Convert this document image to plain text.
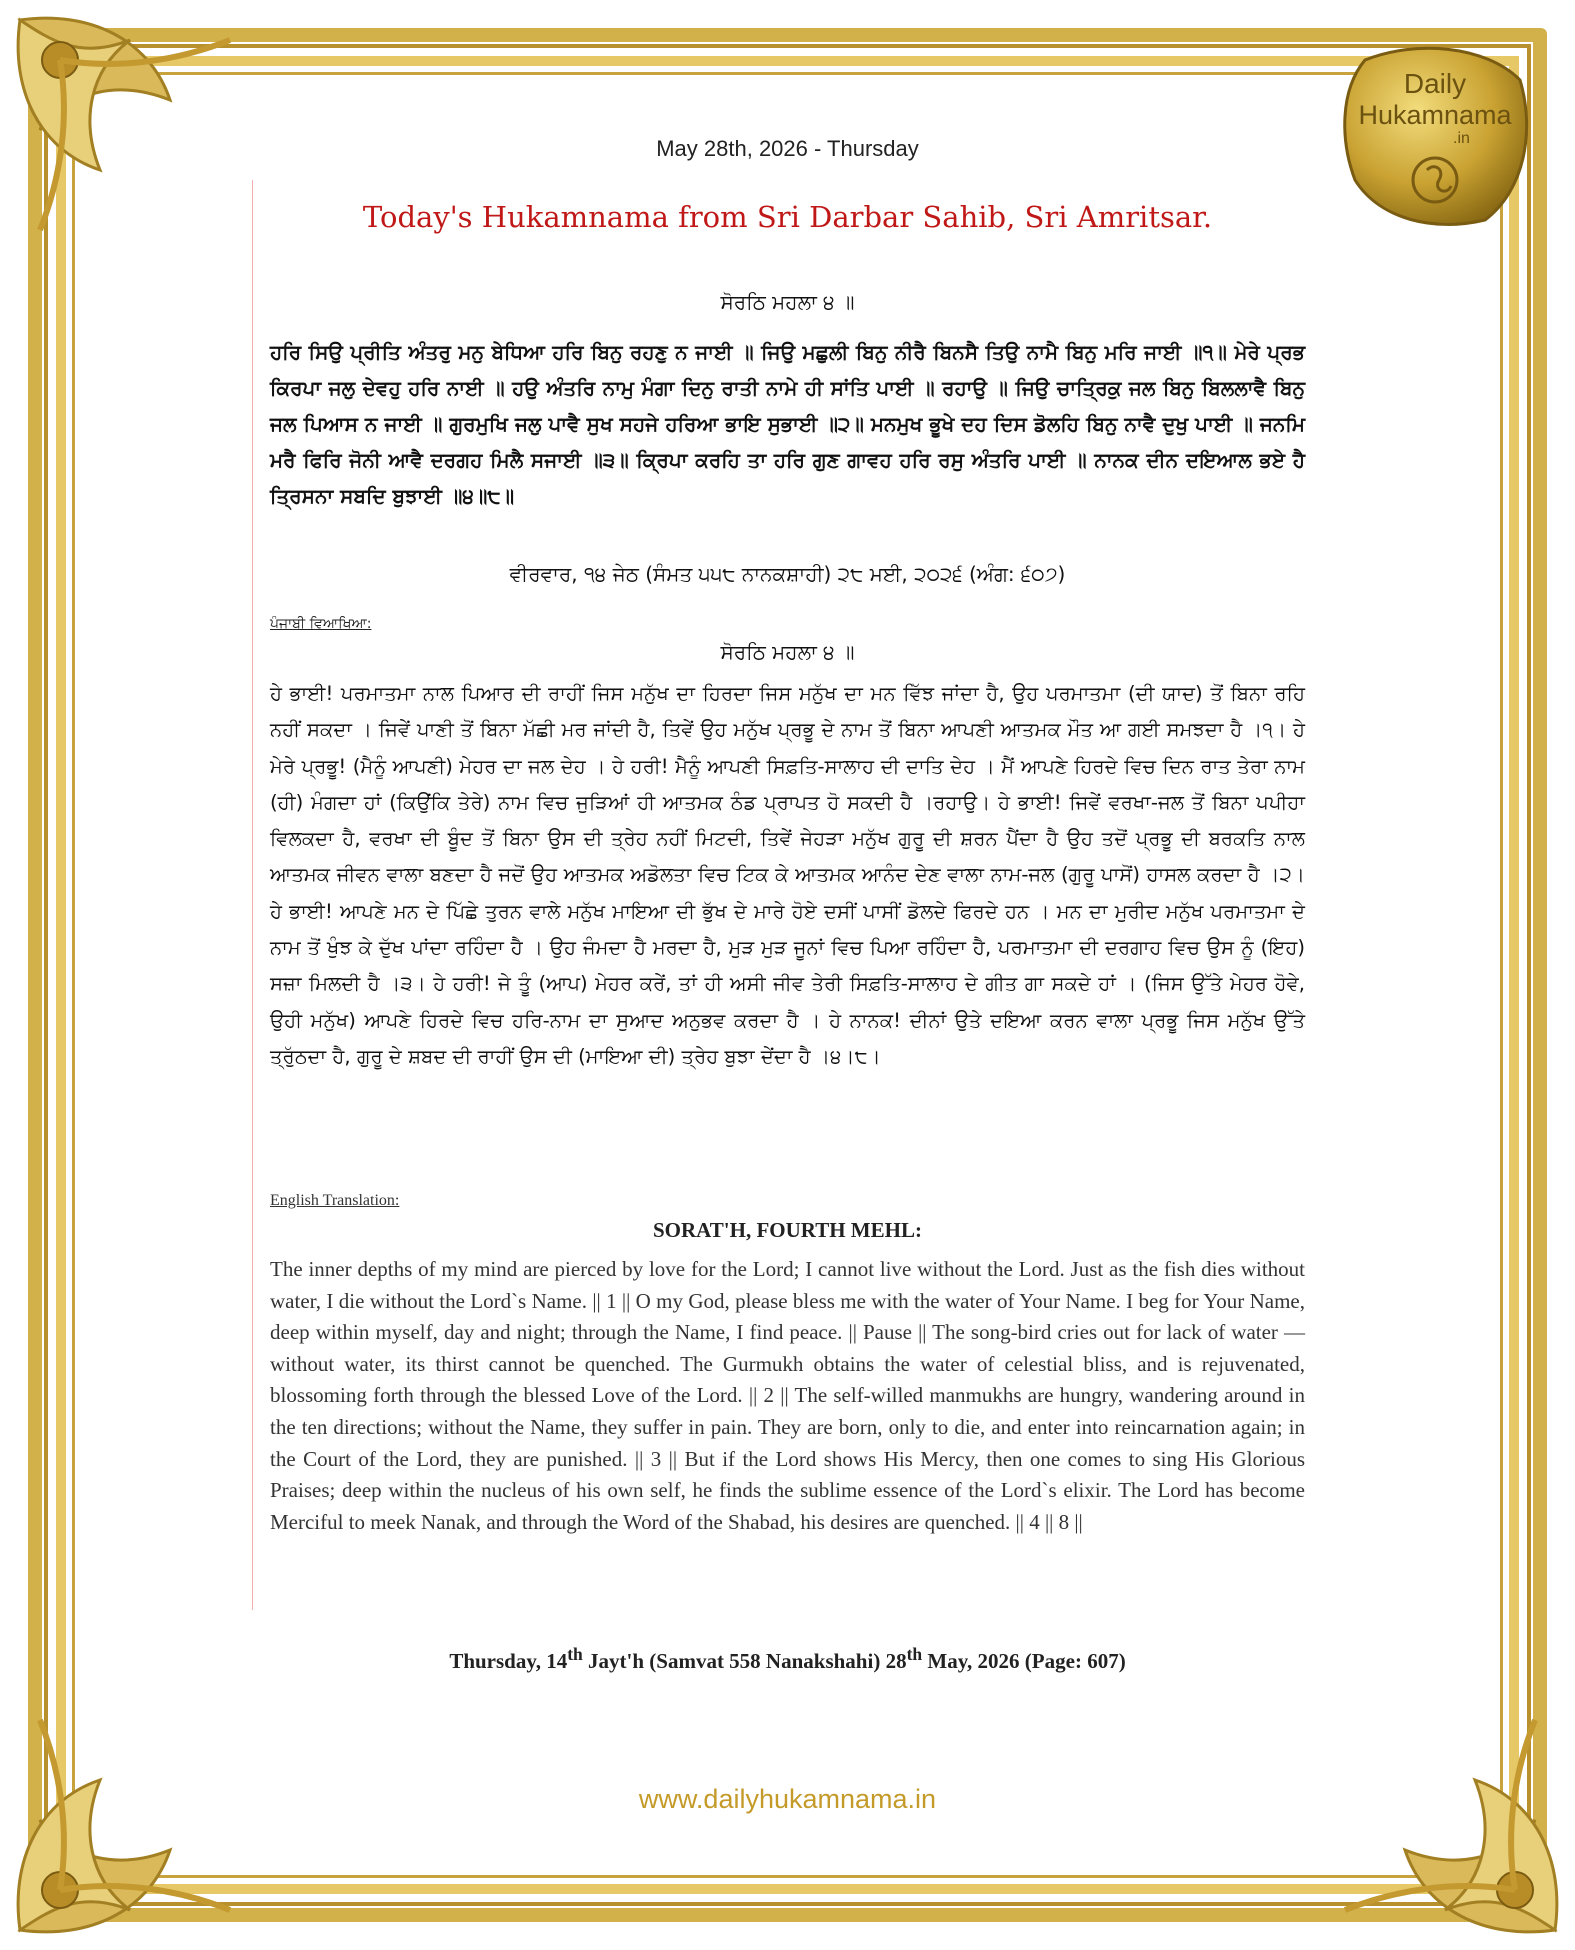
Daily
Hukamnama
.in
May 28th, 2026 - Thursday
Today's Hukamnama from Sri Darbar Sahib, Sri Amritsar.
ਸੋਰਠਿ ਮਹਲਾ ੪ ॥
ਹਰਿ ਸਿਉ ਪ੍ਰੀਤਿ ਅੰਤਰੁ ਮਨੁ ਬੇਧਿਆ ਹਰਿ ਬਿਨੁ ਰਹਣੁ ਨ ਜਾਈ ॥ ਜਿਉ ਮਛੁਲੀ ਬਿਨੁ ਨੀਰੈ ਬਿਨਸੈ ਤਿਉ ਨਾਮੈ ਬਿਨੁ ਮਰਿ ਜਾਈ ॥੧॥ ਮੇਰੇ ਪ੍ਰਭ ਕਿਰਪਾ ਜਲੁ ਦੇਵਹੁ ਹਰਿ ਨਾਈ ॥ ਹਉ ਅੰਤਰਿ ਨਾਮੁ ਮੰਗਾ ਦਿਨੁ ਰਾਤੀ ਨਾਮੇ ਹੀ ਸਾਂਤਿ ਪਾਈ ॥ ਰਹਾਉ ॥ ਜਿਉ ਚਾਤ੍ਰਿਕੁ ਜਲ ਬਿਨੁ ਬਿਲਲਾਵੈ ਬਿਨੁ ਜਲ ਪਿਆਸ ਨ ਜਾਈ ॥ ਗੁਰਮੁਖਿ ਜਲੁ ਪਾਵੈ ਸੁਖ ਸਹਜੇ ਹਰਿਆ ਭਾਇ ਸੁਭਾਈ ॥੨॥ ਮਨਮੁਖ ਭੂਖੇ ਦਹ ਦਿਸ ਡੋਲਹਿ ਬਿਨੁ ਨਾਵੈ ਦੁਖੁ ਪਾਈ ॥ ਜਨਮਿ ਮਰੈ ਫਿਰਿ ਜੋਨੀ ਆਵੈ ਦਰਗਹ ਮਿਲੈ ਸਜਾਈ ॥੩॥ ਕ੍ਰਿਪਾ ਕਰਹਿ ਤਾ ਹਰਿ ਗੁਣ ਗਾਵਹ ਹਰਿ ਰਸੁ ਅੰਤਰਿ ਪਾਈ ॥ ਨਾਨਕ ਦੀਨ ਦਇਆਲ ਭਏ ਹੈ ਤ੍ਰਿਸਨਾ ਸਬਦਿ ਬੁਝਾਈ ॥੪॥੮॥
ਵੀਰਵਾਰ, ੧੪ ਜੇਠ (ਸੰਮਤ ੫੫੮ ਨਾਨਕਸ਼ਾਹੀ) ੨੮ ਮਈ, ੨੦੨੬ (ਅੰਗ: ੬੦੭)
ਪੰਜਾਬੀ ਵਿਆਖਿਆ:
ਸੋਰਠਿ ਮਹਲਾ ੪ ॥
ਹੇ ਭਾਈ! ਪਰਮਾਤਮਾ ਨਾਲ ਪਿਆਰ ਦੀ ਰਾਹੀਂ ਜਿਸ ਮਨੁੱਖ ਦਾ ਹਿਰਦਾ ਜਿਸ ਮਨੁੱਖ ਦਾ ਮਨ ਵਿੱਝ ਜਾਂਦਾ ਹੈ, ਉਹ ਪਰਮਾਤਮਾ (ਦੀ ਯਾਦ) ਤੋਂ ਬਿਨਾ ਰਹਿ ਨਹੀਂ ਸਕਦਾ । ਜਿਵੇਂ ਪਾਣੀ ਤੋਂ ਬਿਨਾ ਮੱਛੀ ਮਰ ਜਾਂਦੀ ਹੈ, ਤਿਵੇਂ ਉਹ ਮਨੁੱਖ ਪ੍ਰਭੂ ਦੇ ਨਾਮ ਤੋਂ ਬਿਨਾ ਆਪਣੀ ਆਤਮਕ ਮੌਤ ਆ ਗਈ ਸਮਝਦਾ ਹੈ ।੧। ਹੇ ਮੇਰੇ ਪ੍ਰਭੂ! (ਮੈਨੂੰ ਆਪਣੀ) ਮੇਹਰ ਦਾ ਜਲ ਦੇਹ । ਹੇ ਹਰੀ! ਮੈਨੂੰ ਆਪਣੀ ਸਿਫ਼ਤਿ-ਸਾਲਾਹ ਦੀ ਦਾਤਿ ਦੇਹ । ਮੈਂ ਆਪਣੇ ਹਿਰਦੇ ਵਿਚ ਦਿਨ ਰਾਤ ਤੇਰਾ ਨਾਮ (ਹੀ) ਮੰਗਦਾ ਹਾਂ (ਕਿਉਂਕਿ ਤੇਰੇ) ਨਾਮ ਵਿਚ ਜੁੜਿਆਂ ਹੀ ਆਤਮਕ ਠੰਡ ਪ੍ਰਾਪਤ ਹੋ ਸਕਦੀ ਹੈ ।ਰਹਾਉ। ਹੇ ਭਾਈ! ਜਿਵੇਂ ਵਰਖਾ-ਜਲ ਤੋਂ ਬਿਨਾ ਪਪੀਹਾ ਵਿਲਕਦਾ ਹੈ, ਵਰਖਾ ਦੀ ਬੂੰਦ ਤੋਂ ਬਿਨਾ ਉਸ ਦੀ ਤ੍ਰੇਹ ਨਹੀਂ ਮਿਟਦੀ, ਤਿਵੇਂ ਜੇਹੜਾ ਮਨੁੱਖ ਗੁਰੂ ਦੀ ਸ਼ਰਨ ਪੈਂਦਾ ਹੈ ਉਹ ਤਦੋਂ ਪ੍ਰਭੂ ਦੀ ਬਰਕਤਿ ਨਾਲ ਆਤਮਕ ਜੀਵਨ ਵਾਲਾ ਬਣਦਾ ਹੈ ਜਦੋਂ ਉਹ ਆਤਮਕ ਅਡੋਲਤਾ ਵਿਚ ਟਿਕ ਕੇ ਆਤਮਕ ਆਨੰਦ ਦੇਣ ਵਾਲਾ ਨਾਮ-ਜਲ (ਗੁਰੂ ਪਾਸੋਂ) ਹਾਸਲ ਕਰਦਾ ਹੈ ।੨। ਹੇ ਭਾਈ! ਆਪਣੇ ਮਨ ਦੇ ਪਿੱਛੇ ਤੁਰਨ ਵਾਲੇ ਮਨੁੱਖ ਮਾਇਆ ਦੀ ਭੁੱਖ ਦੇ ਮਾਰੇ ਹੋਏ ਦਸੀਂ ਪਾਸੀਂ ਡੋਲਦੇ ਫਿਰਦੇ ਹਨ । ਮਨ ਦਾ ਮੁਰੀਦ ਮਨੁੱਖ ਪਰਮਾਤਮਾ ਦੇ ਨਾਮ ਤੋਂ ਖੁੰਝ ਕੇ ਦੁੱਖ ਪਾਂਦਾ ਰਹਿੰਦਾ ਹੈ । ਉਹ ਜੰਮਦਾ ਹੈ ਮਰਦਾ ਹੈ, ਮੁੜ ਮੁੜ ਜੂਨਾਂ ਵਿਚ ਪਿਆ ਰਹਿੰਦਾ ਹੈ, ਪਰਮਾਤਮਾ ਦੀ ਦਰਗਾਹ ਵਿਚ ਉਸ ਨੂੰ (ਇਹ) ਸਜ਼ਾ ਮਿਲਦੀ ਹੈ ।੩। ਹੇ ਹਰੀ! ਜੇ ਤੂੰ (ਆਪ) ਮੇਹਰ ਕਰੇਂ, ਤਾਂ ਹੀ ਅਸੀ ਜੀਵ ਤੇਰੀ ਸਿਫ਼ਤਿ-ਸਾਲਾਹ ਦੇ ਗੀਤ ਗਾ ਸਕਦੇ ਹਾਂ । (ਜਿਸ ਉੱਤੇ ਮੇਹਰ ਹੋਵੇ, ਉਹੀ ਮਨੁੱਖ) ਆਪਣੇ ਹਿਰਦੇ ਵਿਚ ਹਰਿ-ਨਾਮ ਦਾ ਸੁਆਦ ਅਨੁਭਵ ਕਰਦਾ ਹੈ । ਹੇ ਨਾਨਕ! ਦੀਨਾਂ ਉਤੇ ਦਇਆ ਕਰਨ ਵਾਲਾ ਪ੍ਰਭੂ ਜਿਸ ਮਨੁੱਖ ਉੱਤੇ ਤ੍ਰੁੱਠਦਾ ਹੈ, ਗੁਰੂ ਦੇ ਸ਼ਬਦ ਦੀ ਰਾਹੀਂ ਉਸ ਦੀ (ਮਾਇਆ ਦੀ) ਤ੍ਰੇਹ ਬੁਝਾ ਦੇਂਦਾ ਹੈ ।੪।੮।
English Translation:
SORAT'H, FOURTH MEHL:
The inner depths of my mind are pierced by love for the Lord; I cannot live without the Lord. Just as the fish dies without water, I die without the Lord`s Name. || 1 || O my God, please bless me with the water of Your Name. I beg for Your Name, deep within myself, day and night; through the Name, I find peace. || Pause || The song-bird cries out for lack of water — without water, its thirst cannot be quenched. The Gurmukh obtains the water of celestial bliss, and is rejuvenated, blossoming forth through the blessed Love of the Lord. || 2 || The self-willed manmukhs are hungry, wandering around in the ten directions; without the Name, they suffer in pain. They are born, only to die, and enter into reincarnation again; in the Court of the Lord, they are punished. || 3 || But if the Lord shows His Mercy, then one comes to sing His Glorious Praises; deep within the nucleus of his own self, he finds the sublime essence of the Lord`s elixir. The Lord has become Merciful to meek Nanak, and through the Word of the Shabad, his desires are quenched. || 4 || 8 ||
Thursday, 14th Jayt'h (Samvat 558 Nanakshahi) 28th May, 2026 (Page: 607)
www.dailyhukamnama.in
